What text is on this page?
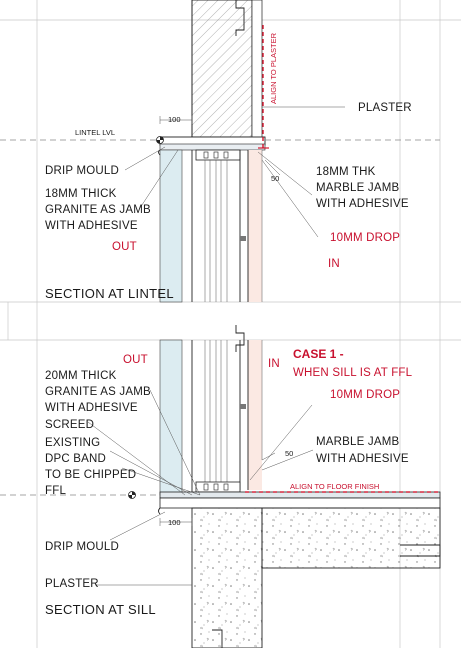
ALIGN TO PLASTER
PLASTER
LINTEL LVL
100
DRIP MOULD
18MM THICK
GRANITE AS JAMB
WITH ADHESIVE
50
18MM THK
MARBLE JAMB
WITH ADHESIVE
OUT
10MM DROP
IN
SECTION AT LINTEL
OUT	IN
CASE 1 -
WHEN SILL IS AT FFL
20MM THICK
GRANITE AS JAMB
WITH ADHESIVE
10MM DROP
SCREED
EXISTING
DPC BAND
TO BE CHIPPED
FFL
50
MARBLE JAMB
WITH ADHESIVE
ALIGN TO FLOOR FINISH
100
DRIP MOULD
PLASTER
SECTION AT SILL
